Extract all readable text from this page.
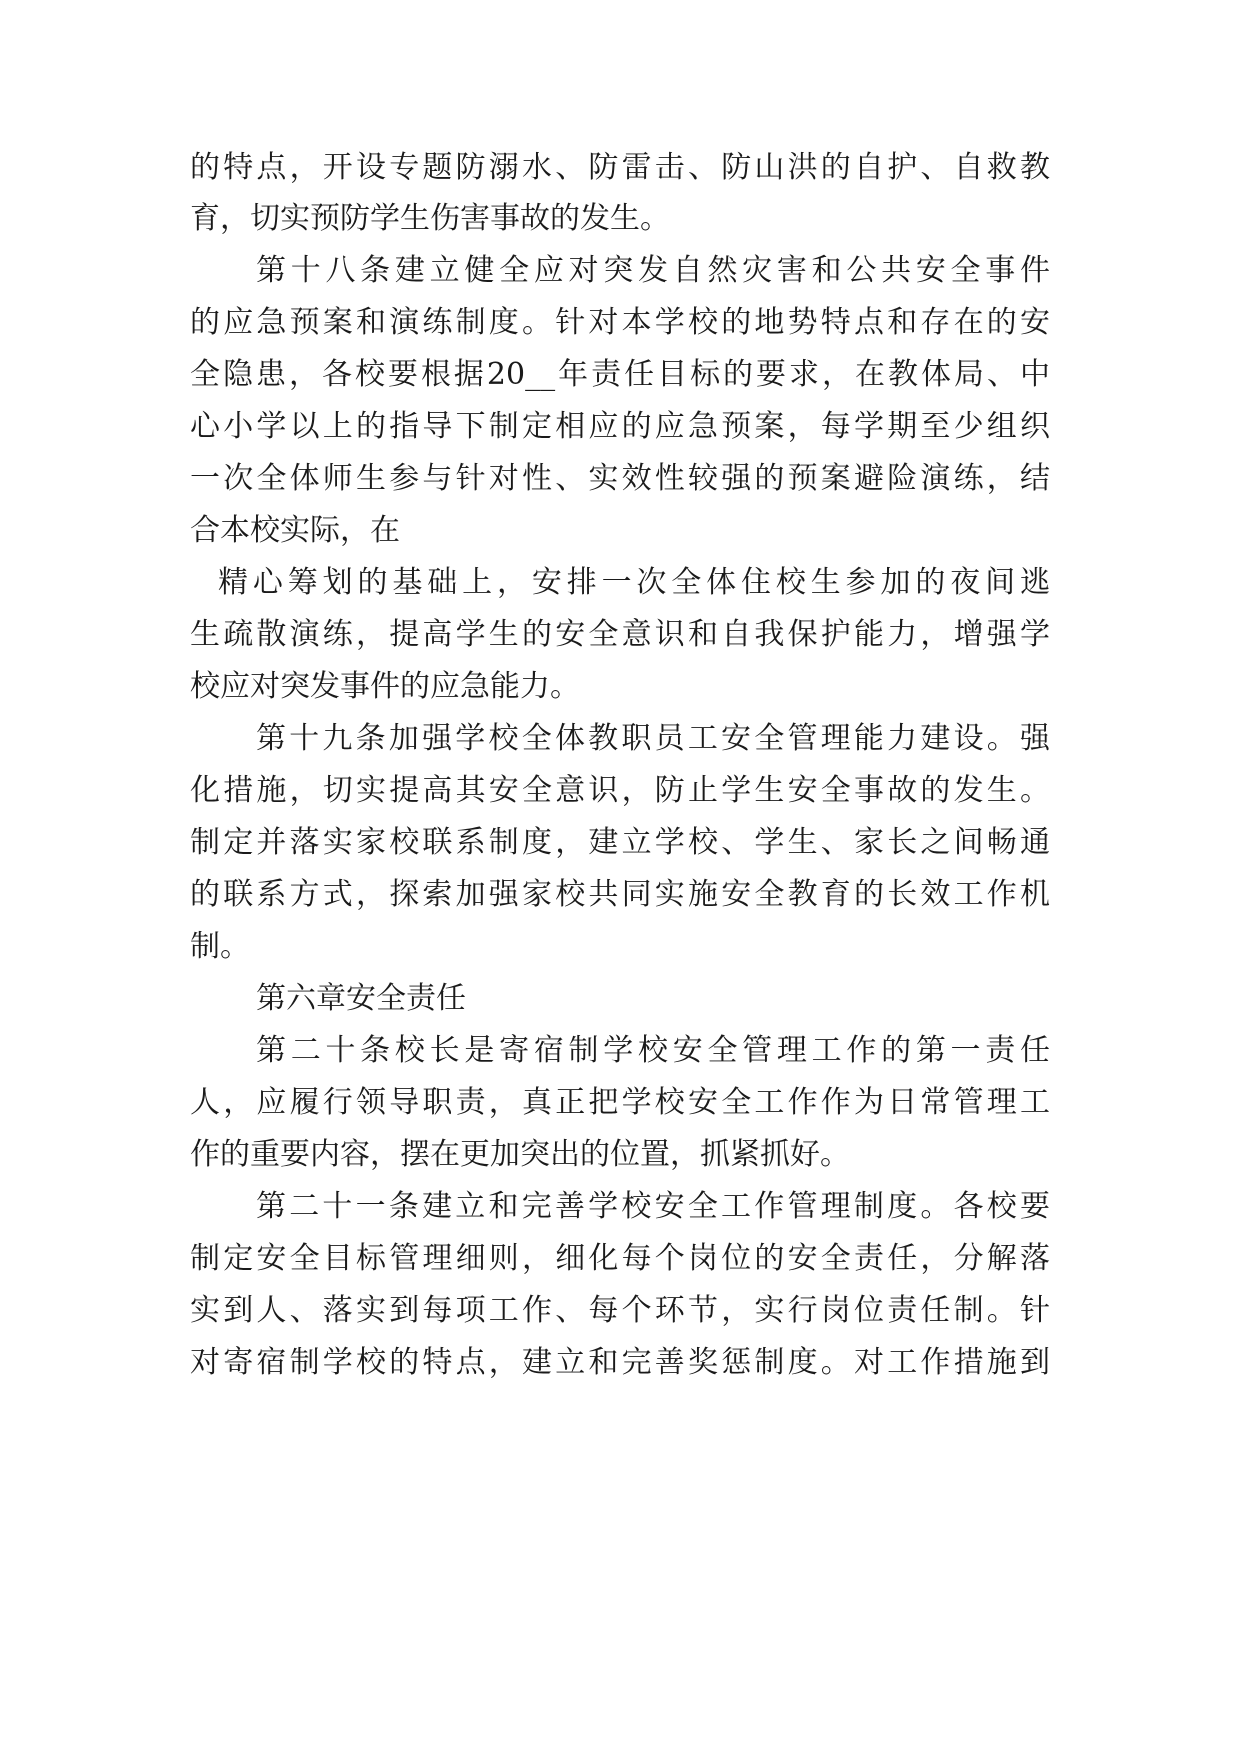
的特点，开设专题防溺水、防雷击、防山洪的自护、自救教
育，切实预防学生伤害事故的发生。
第十八条建立健全应对突发自然灾害和公共安全事件
的应急预案和演练制度。针对本学校的地势特点和存在的安
全隐患，各校要根据20__年责任目标的要求，在教体局、中
心小学以上的指导下制定相应的应急预案，每学期至少组织
一次全体师生参与针对性、实效性较强的预案避险演练，结
合本校实际，在
精心筹划的基础上，安排一次全体住校生参加的夜间逃
生疏散演练，提高学生的安全意识和自我保护能力，增强学
校应对突发事件的应急能力。
第十九条加强学校全体教职员工安全管理能力建设。强
化措施，切实提高其安全意识，防止学生安全事故的发生。
制定并落实家校联系制度，建立学校、学生、家长之间畅通
的联系方式，探索加强家校共同实施安全教育的长效工作机
制。
第六章安全责任
第二十条校长是寄宿制学校安全管理工作的第一责任
人，应履行领导职责，真正把学校安全工作作为日常管理工
作的重要内容，摆在更加突出的位置，抓紧抓好。
第二十一条建立和完善学校安全工作管理制度。各校要
制定安全目标管理细则，细化每个岗位的安全责任，分解落
实到人、落实到每项工作、每个环节，实行岗位责任制。针
对寄宿制学校的特点，建立和完善奖惩制度。对工作措施到
